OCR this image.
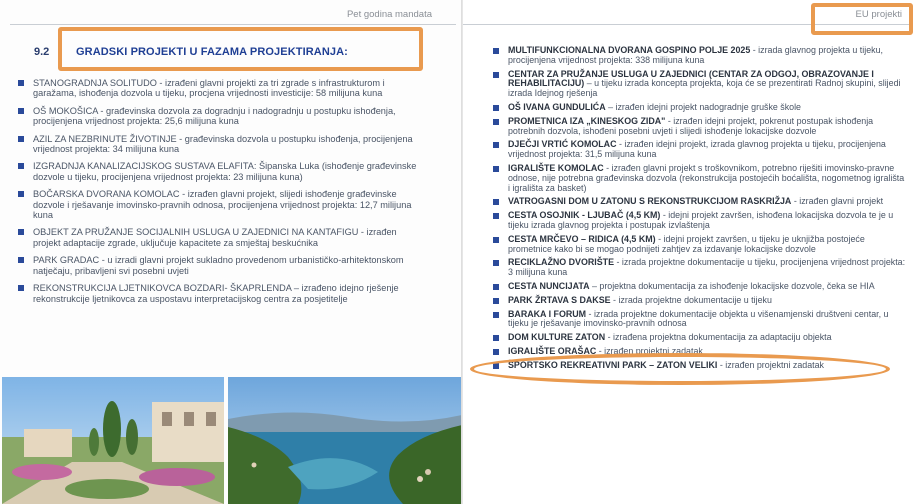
Pet godina mandata
9.2 GRADSKI PROJEKTI U FAZAMA PROJEKTIRANJA:
STANOGRADNJA SOLITUDO - izrađeni glavni projekti za tri zgrade s infrastrukturom i garažama, ishođenja dozvola u tijeku, procjena vrijednosti investicije: 58 milijuna kuna
OŠ MOKOŠICA - građevinska dozvola za dogradnju i nadogradnju u postupku ishođenja, procijenjena vrijednost projekta: 25,6 milijuna kuna
AZIL ZA NEZBRINUTE ŽIVOTINJE - građevinska dozvola u postupku ishođenja, procijenjena vrijednost projekta: 34 milijuna kuna
IZGRADNJA KANALIZACIJSKOG SUSTAVA ELAFITA: Šipanska Luka (ishođenje građevinske dozvole u tijeku, procijenjena vrijednost projekta: 23 milijuna kuna)
BOČARSKA DVORANA KOMOLAC - izrađen glavni projekt, slijedi ishođenje građevinske dozvole i rješavanje imovinsko-pravnih odnosa, procijenjena vrijednost projekta: 12,7 milijuna kuna
OBJEKT ZA PRUŽANJE SOCIJALNIH USLUGA U ZAJEDNICI NA KANTAFIGU - izrađen projekt adaptacije zgrade, uključuje kapacitete za smještaj beskućnika
PARK GRADAC - u izradi glavni projekt sukladno provedenom urbanističko-arhitektonskom natječaju, pribavljeni svi posebni uvjeti
REKONSTRUKCIJA LJETNIKOVCA BOZDARI- ŠKAPRLENDA – izrađeno idejno rješenje rekonstrukcije ljetnikovca za uspostavu interpretacijskog centra za posjetitelje
EU projekti
MULTIFUNKCIONALNA DVORANA GOSPINO POLJE 2025 - izrada glavnog projekta u tijeku, procijenjena vrijednost projekta: 338 milijuna kuna
CENTAR ZA PRUŽANJE USLUGA U ZAJEDNICI (CENTAR ZA ODGOJ, OBRAZOVANJE I REHABILITACIJU) – u tijeku izrada koncepta projekta, koja će se prezentirati Radnoj skupini, slijedi izrada Idejnog rješenja
OŠ IVANA GUNDULIĆA – izrađen idejni projekt nadogradnje gruške škole
PROMETNICA IZA „KINESKOG ZIDA" - izrađen idejni projekt, pokrenut postupak ishođenja potrebnih dozvola, ishođeni posebni uvjeti i slijedi ishođenje lokacijske dozvole
DJEČJI VRTIĆ KOMOLAC - izrađen idejni projekt, izrada glavnog projekta u tijeku, procijenjena vrijednost projekta: 31,5 milijuna kuna
IGRALIŠTE KOMOLAC - izrađen glavni projekt s troškovnikom, potrebno riješiti imovinsko-pravne odnose, nije potrebna građevinska dozvola (rekonstrukcija postojećih boćališta, nogometnog igrališta i igrališta za basket)
VATROGASNI DOM U ZATONU S REKONSTRUKCIJOM RASKRIŽJA - izrađen glavni projekt
CESTA OSOJNIK - LJUBAČ (4,5 KM) - idejni projekt završen, ishođena lokacijska dozvola te je u tijeku izrada glavnog projekta i postupak izvlaštenja
CESTA MRČEVO – RIDICA (4,5 KM) - idejni projekt završen, u tijeku je uknjižba postojeće prometnice kako bi se mogao podnijeti zahtjev za izdavanje lokacijske dozvole
RECIKLAŽNO DVORIŠTE - izrada projektne dokumentacije u tijeku, procijenjena vrijednost projekta: 3 milijuna kuna
CESTA NUNCIJATA – projektna dokumentacija za ishođenje lokacijske dozvole, čeka se HIA
PARK ŽRTAVA S DAKSE - izrada projektne dokumentacije u tijeku
BARAKA I FORUM - izrada projektne dokumentacije objekta u višenamjenski društveni centar, u tijeku je rješavanje imovinsko-pravnih odnosa
DOM KULTURE ZATON - izrađena projektna dokumentacija za adaptaciju objekta
IGRALIŠTE ORAŠAC - izrađen projektni zadatak
ŠPORTSKO REKREATIVNI PARK – ZATON VELIKI - izrađen projektni zadatak
